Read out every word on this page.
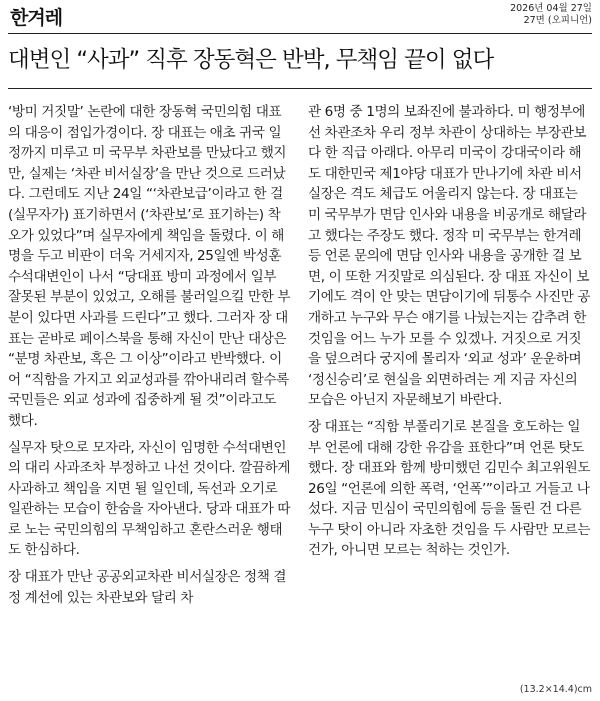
한겨레	2026년 04월 27일
27면 (오피니언)
대변인 “사과” 직후 장동혁은 반박, 무책임 끝이 없다

‘방미 거짓말’ 논란에 대한 장동혁 국민의힘 대표의 대응이 점입가경이다. 장 대표는 애초 귀국 일정까지 미루고 미 국무부 차관보를 만났다고 했지만, 실제는 ‘차관 비서실장’을 만난 것으로 드러났다. 그런데도 지난 24일 “‘차관보급’이라고 한 걸 (실무자가) 표기하면서 (‘차관보’로 표기하는) 착오가 있었다”며 실무자에게 책임을 돌렸다. 이 해명을 두고 비판이 더욱 거세지자, 25일엔 박성훈 수석대변인이 나서 “당대표 방미 과정에서 일부 잘못된 부분이 있었고, 오해를 불러일으킬 만한 부분이 있다면 사과를 드린다”고 했다. 그러자 장 대표는 곧바로 페이스북을 통해 자신이 만난 대상은 “분명 차관보, 혹은 그 이상”이라고 반박했다. 이어 “직함을 가지고 외교성과를 깎아내리려 할수록 국민들은 외교 성과에 집중하게 될 것”이라고도 했다.

실무자 탓으로 모자라, 자신이 임명한 수석대변인의 대리 사과조차 부정하고 나선 것이다. 깔끔하게 사과하고 책임을 지면 될 일인데, 독선과 오기로 일관하는 모습이 한숨을 자아낸다. 당과 대표가 따로 노는 국민의힘의 무책임하고 혼란스러운 행태도 한심하다.

장 대표가 만난 공공외교차관 비서실장은 정책 결정 계선에 있는 차관보와 달리 차

관 6명 중 1명의 보좌진에 불과하다. 미 행정부에선 차관조차 우리 정부 차관이 상대하는 부장관보다 한 직급 아래다. 아무리 미국이 강대국이라 해도 대한민국 제1야당 대표가 만나기에 차관 비서실장은 격도 체급도 어울리지 않는다. 장 대표는 미 국무부가 면담 인사와 내용을 비공개로 해달라고 했다는 주장도 했다. 정작 미 국무부는 한겨레 등 언론 문의에 면담 인사와 내용을 공개한 걸 보면, 이 또한 거짓말로 의심된다. 장 대표 자신이 보기에도 격이 안 맞는 면담이기에 뒤통수 사진만 공개하고 누구와 무슨 얘기를 나눴는지는 감추려 한 것임을 어느 누가 모를 수 있겠나. 거짓으로 거짓을 덮으려다 궁지에 몰리자 ‘외교 성과’ 운운하며 ‘정신승리’로 현실을 외면하려는 게 지금 자신의 모습은 아닌지 자문해보기 바란다.

장 대표는 “직함 부풀리기로 본질을 호도하는 일부 언론에 대해 강한 유감을 표한다”며 언론 탓도 했다. 장 대표와 함께 방미했던 김민수 최고위원도 26일 “언론에 의한 폭력, ‘언폭’”이라고 거들고 나섰다. 지금 민심이 국민의힘에 등을 돌린 건 다른 누구 탓이 아니라 자초한 것임을 두 사람만 모르는 건가, 아니면 모르는 척하는 것인가.

(13.2×14.4)cm
